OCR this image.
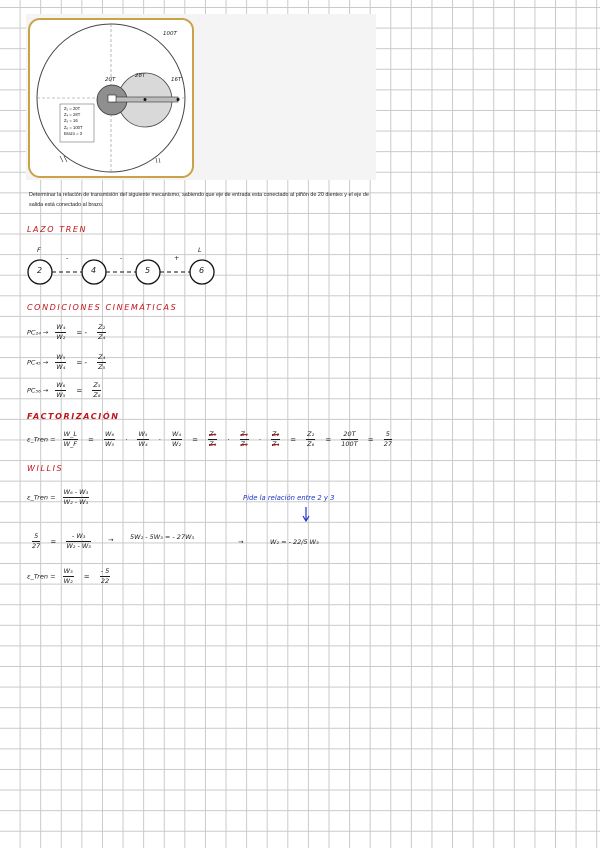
100T
20T
28T
16T
Z₂ = 20T
Z₄ = 28T
Z₅ = 16
Z₆ = 100T
Brazo = 3
Determinar la relación de transmisión del siguiente mecanismo, sabiendo que eje de entrada esta conectado al piñón de 20 dientes y el eje de salida está conectado al brazo.
LAZO TREN
2	4	5	6
F
-	-	+
L
CONDICIONES CINEMÁTICAS
$PC_{24} \to \frac{\text{W₄}}{\text{W₂}}$ = - $\frac{\text{Z₂}}{\text{Z₄}}$
$PC_{45} \to \frac{\text{W₅}}{\text{W₄}}$ = - $\frac{\text{Z₄}}{\text{Z₅}}$
$PC_{56} \to \frac{\text{W₆}}{\text{W₅}} = \frac{\text{Z₅}}{\text{Z₆}}$
FACTORIZACIÓN
ε_Tren = $\frac{W\_L}{W\_F} = \frac{\text{W₆}}{\text{W₅}} \cdot \frac{\text{W₅}}{\text{W₄}} \cdot \frac{\text{W₄}}{\text{W₂}} = \frac{\text{Z₅}}{\text{Z₆}} \cdot \frac{\text{Z₄}}{\text{Z₅}} \cdot \frac{\text{Z₂}}{\text{Z₄}} = \frac{\text{Z₂}}{\text{Z₆}} = \frac{20T}{100T} = \frac{5}{27}$
WILLIS
ε_Tren = $\frac{\text{W₆ - W₃}}{\text{W₂ - W₃}}$	Pide la relación entre 2 y 3
$\frac{5}{27} = \frac{\text{- W₃}}{\text{W₂ - W₃}}$	→	5W₂ - 5W₃ = - 27W₃
→	W₂ = - 22/5 W₃
ε_Tren = $\frac{\text{W₃}}{\text{W₂}} = \frac{- 5}{22}$
